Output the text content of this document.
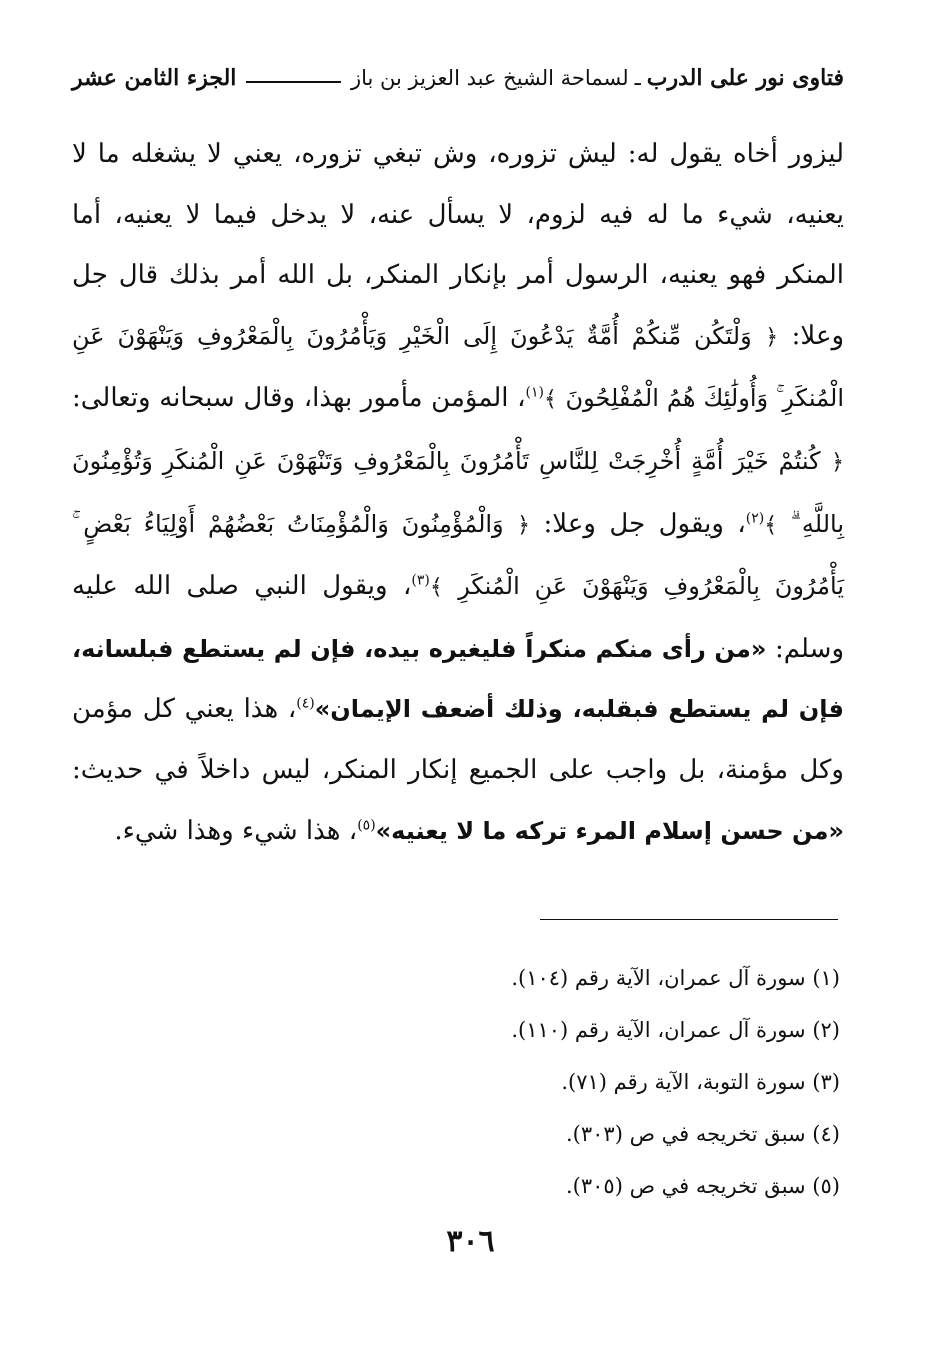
فتاوى نور على الدرب
ـ
لسماحة الشيخ عبد العزيز بن باز
الجزء الثامن عشر
ليزور أخاه يقول له: ليش تزوره، وش تبغي تزوره، يعني لا يشغله ما لا يعنيه، شيء ما له فيه لزوم، لا يسأل عنه، لا يدخل فيما لا يعنيه، أما المنكر فهو يعنيه، الرسول أمر بإنكار المنكر، بل الله أمر بذلك قال جل وعلا: ﴿ وَلْتَكُن مِّنكُمْ أُمَّةٌ يَدْعُونَ إِلَى الْخَيْرِ وَيَأْمُرُونَ بِالْمَعْرُوفِ وَيَنْهَوْنَ عَنِ الْمُنكَرِ ۚ وَأُولَٰئِكَ هُمُ الْمُفْلِحُونَ ﴾$^{(١)}$، المؤمن مأمور بهذا، وقال سبحانه وتعالى: ﴿ كُنتُمْ خَيْرَ أُمَّةٍ أُخْرِجَتْ لِلنَّاسِ تَأْمُرُونَ بِالْمَعْرُوفِ وَتَنْهَوْنَ عَنِ الْمُنكَرِ وَتُؤْمِنُونَ بِاللَّهِ ۗ ﴾$^{(٢)}$، ويقول جل وعلا: ﴿ وَالْمُؤْمِنُونَ وَالْمُؤْمِنَاتُ بَعْضُهُمْ أَوْلِيَاءُ بَعْضٍ ۚ يَأْمُرُونَ بِالْمَعْرُوفِ وَيَنْهَوْنَ عَنِ الْمُنكَرِ ﴾$^{(٣)}$، ويقول النبي صلى الله عليه وسلم: «من رأى منكم منكراً فليغيره بيده، فإن لم يستطع فبلسانه، فإن لم يستطع فبقلبه، وذلك أضعف الإيمان»$^{(٤)}$، هذا يعني كل مؤمن وكل مؤمنة، بل واجب على الجميع إنكار المنكر، ليس داخلاً في حديث: «من حسن إسلام المرء تركه ما لا يعنيه»$^{(٥)}$، هذا شيء وهذا شيء.
(١) سورة آل عمران، الآية رقم (١٠٤).
(٢) سورة آل عمران، الآية رقم (١١٠).
(٣) سورة التوبة، الآية رقم (٧١).
(٤) سبق تخريجه في ص (٣٠٣).
(٥) سبق تخريجه في ص (٣٠٥).
٣٠٦
